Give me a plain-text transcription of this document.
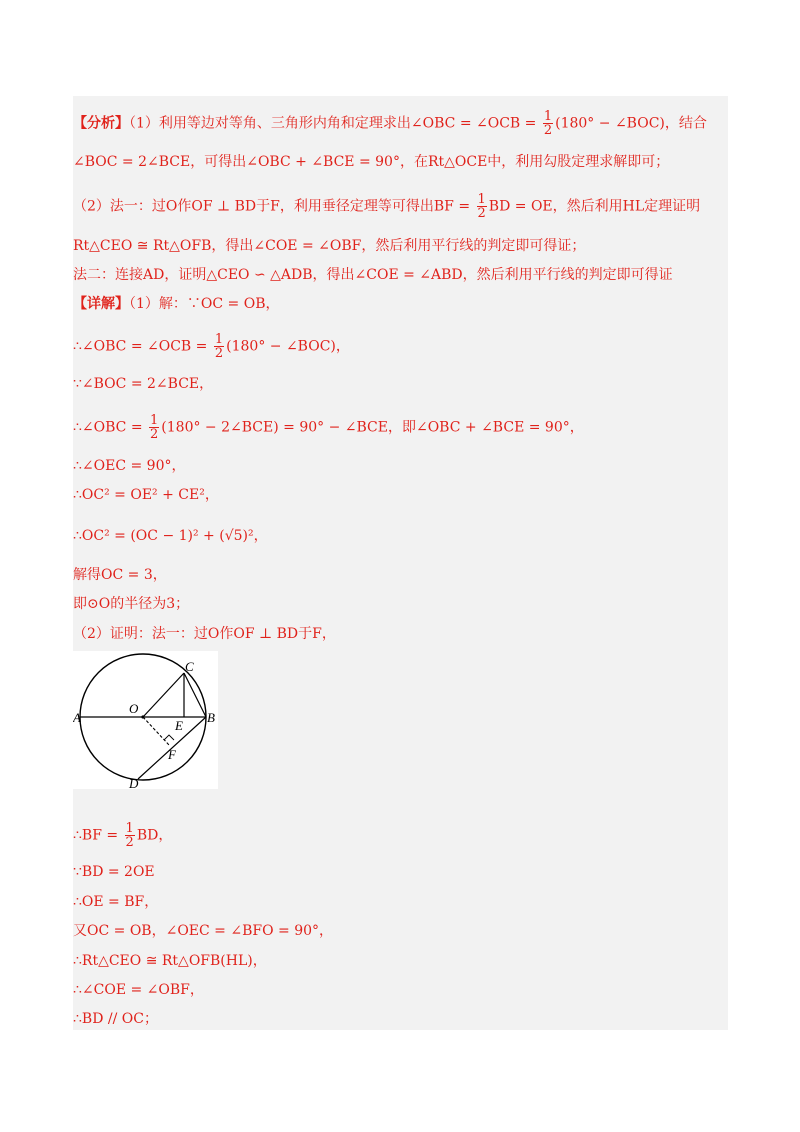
【分析】（1）利用等边对等角、三角形内角和定理求出∠OBC = ∠OCB = $\frac{1}{2} (180^\circ$ − ∠BOC)，结合
∠BOC = 2∠BCE，可得出∠OBC + ∠BCE = 90°，在Rt△OCE中，利用勾股定理求解即可；
（2）法一：过O作OF ⊥ BD于F，利用垂径定理等可得出BF = $\frac{1}{2}$ BD = OE，然后利用HL定理证明
Rt△CEO ≅ Rt△OFB，得出∠COE = ∠OBF，然后利用平行线的判定即可得证；
法二：连接AD，证明△CEO ∽ △ADB，得出∠COE = ∠ABD，然后利用平行线的判定即可得证
【详解】（1）解：∵OC = OB，
∴∠OBC = ∠OCB = $\frac{1}{2} (180^\circ$ − ∠BOC)，
∵∠BOC = 2∠BCE，
∴∠OBC = $\frac{1}{2} (180^\circ$ − 2∠BCE) = 90° − ∠BCE，即∠OBC + ∠BCE = 90°，
∴∠OEC = 90°，
∴OC² = OE² + CE²，
∴OC² = (OC − 1)² + (√5)²，
解得OC = 3，
即⊙O的半径为3；
（2）证明：法一：过O作OF ⊥ BD于F，
A
O
E
B
C
F
D
∴BF = $\frac{1}{2}$ BD，
∵BD = 2OE
∴OE = BF，
又OC = OB，∠OEC = ∠BFO = 90°，
∴Rt△CEO ≅ Rt△OFB(HL)，
∴∠COE = ∠OBF，
∴BD // OC；
